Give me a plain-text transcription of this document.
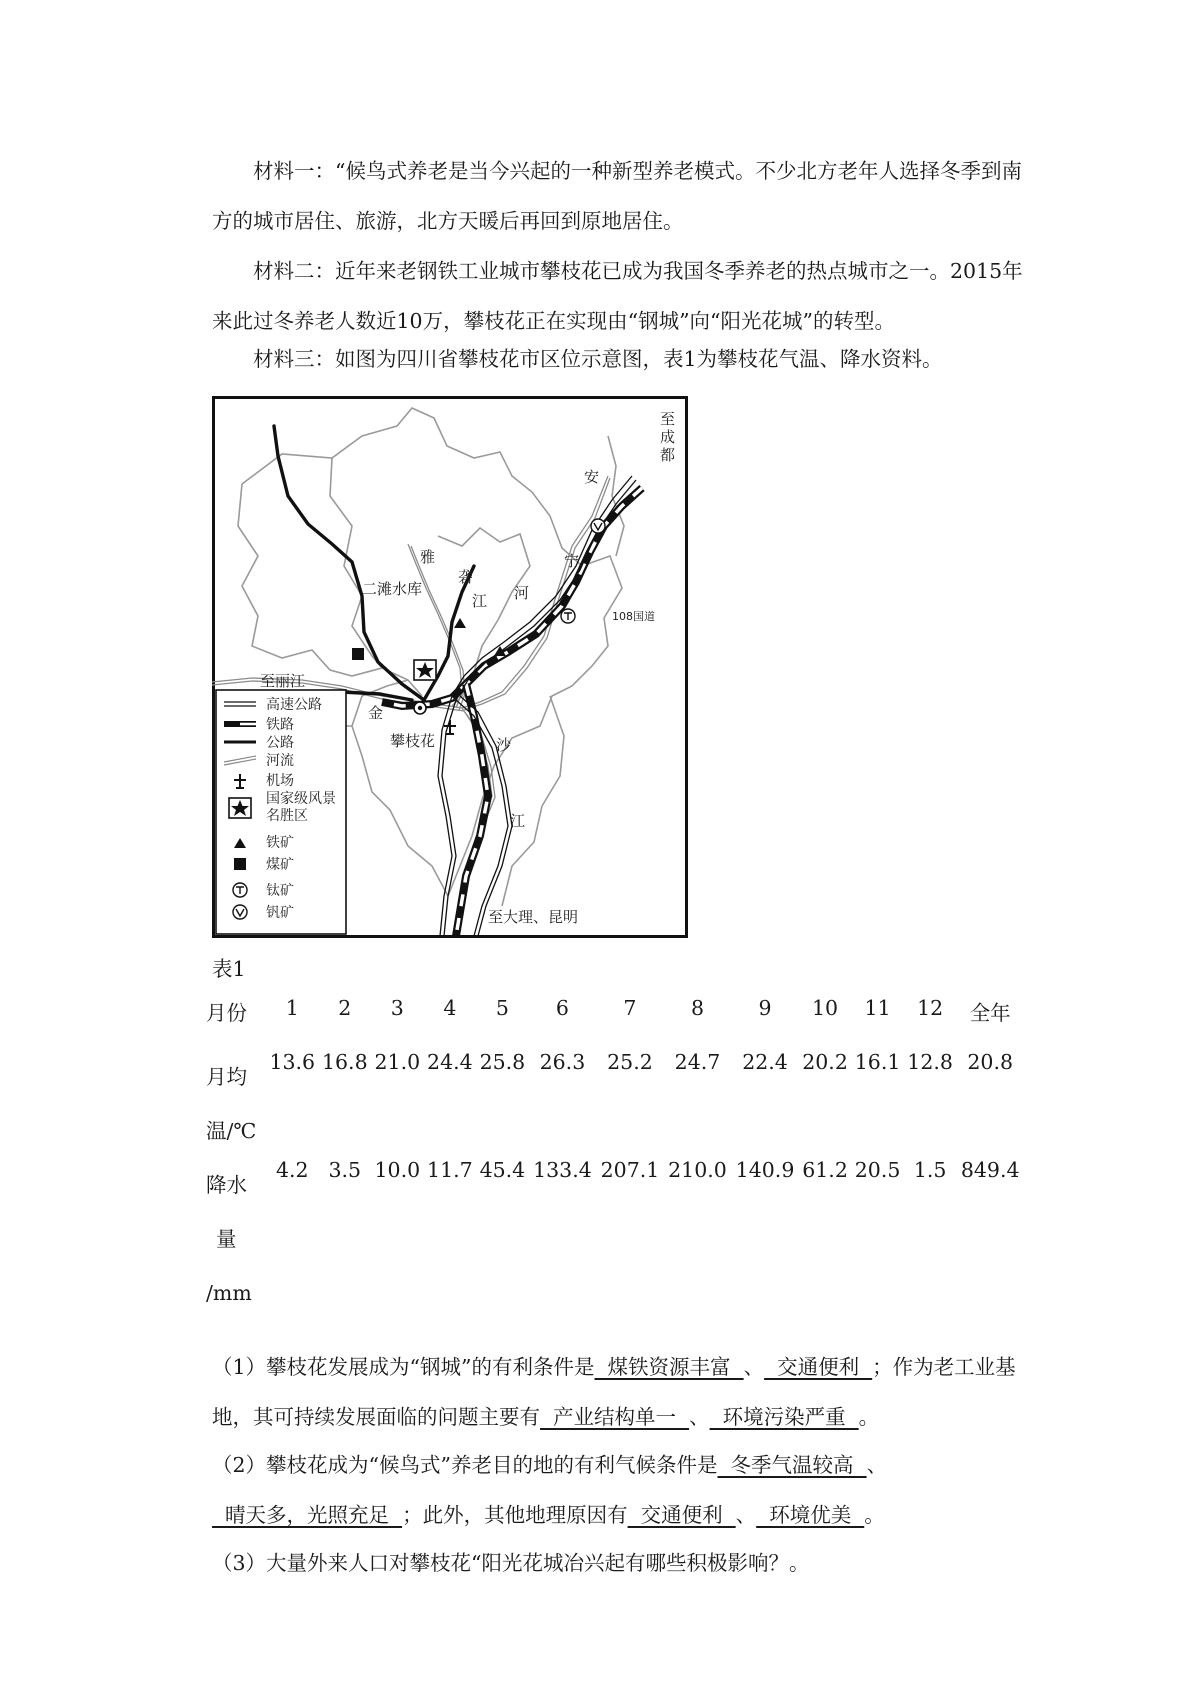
材料一：“候鸟式养老是当今兴起的一种新型养老模式。不少北方老年人选择冬季到南方的城市居住、旅游，北方天暖后再回到原地居住。

材料二：近年来老钢铁工业城市攀枝花已成为我国冬季养老的热点城市之一。2015年来此过冬养老人数近10万，攀枝花正在实现由“钢城”向“阳光花城”的转型。

材料三：如图为四川省攀枝花市区位示意图，表1为攀枝花气温、降水资料。

至成都
安
宁
河
雅
砻
江
二滩水库
108国道
至丽江
金
攀枝花	沙
江
至大理、昆明
高速公路
铁路
公路
河流
机场
国家级风景 名胜区
铁矿
煤矿
钛矿
钒矿
表1
月份	1	2	3	4	5	6	7	8	9	10	11	12	全年

月均
温/℃	13.6	16.8	21.0	24.4	25.8	26.3	25.2	24.7	22.4	20.2	16.1	12.8	20.8

降水
量
/mm	4.2	3.5	10.0	11.7	45.4	133.4	207.1	210.0	140.9	61.2	20.5	1.5	849.4

（1）攀枝花发展成为“钢城”的有利条件是  煤铁资源丰富  、  交通便利  ；作为老工业基地，其可持续发展面临的问题主要有  产业结构单一  、  环境污染严重  。

（2）攀枝花成为“候鸟式”养老目的地的有利气候条件是  冬季气温较高  、  晴天多，光照充足  ；此外，其他地理原因有  交通便利  、  环境优美  。

（3）大量外来人口对攀枝花“阳光花城冶兴起有哪些积极影响？。
